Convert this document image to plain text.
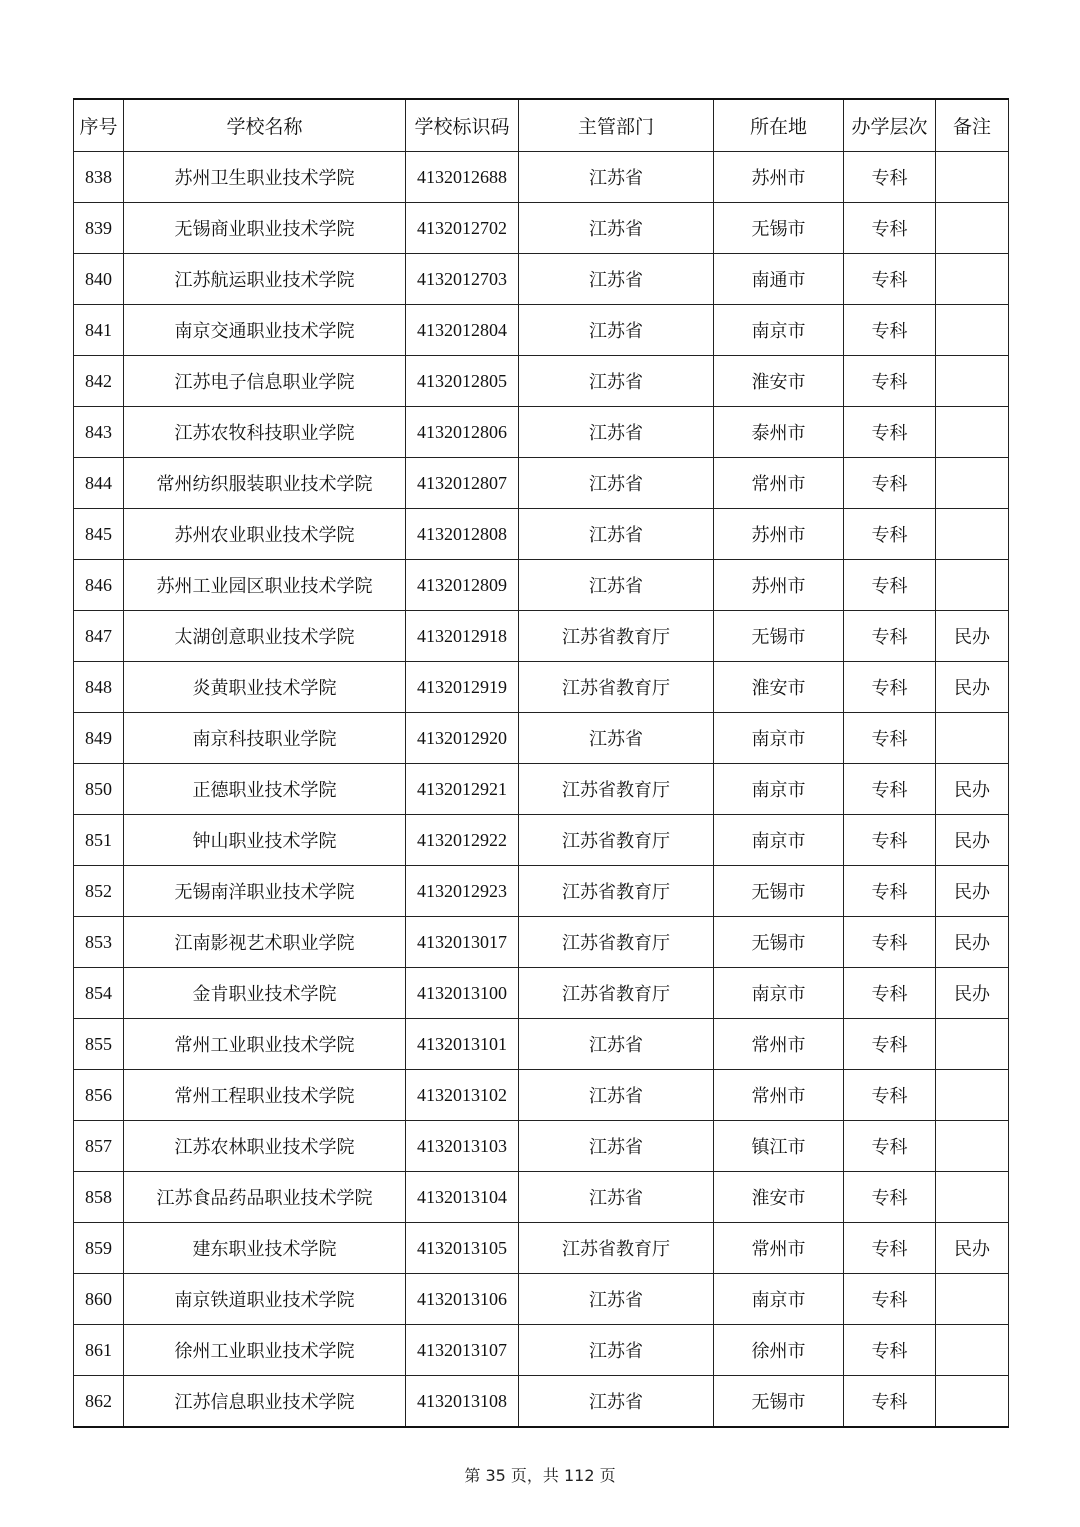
序号	学校名称	学校标识码	主管部门	所在地	办学层次	备注
838	苏州卫生职业技术学院	4132012688	江苏省	苏州市	专科	
839	无锡商业职业技术学院	4132012702	江苏省	无锡市	专科	
840	江苏航运职业技术学院	4132012703	江苏省	南通市	专科	
841	南京交通职业技术学院	4132012804	江苏省	南京市	专科	
842	江苏电子信息职业学院	4132012805	江苏省	淮安市	专科	
843	江苏农牧科技职业学院	4132012806	江苏省	泰州市	专科	
844	常州纺织服装职业技术学院	4132012807	江苏省	常州市	专科	
845	苏州农业职业技术学院	4132012808	江苏省	苏州市	专科	
846	苏州工业园区职业技术学院	4132012809	江苏省	苏州市	专科	
847	太湖创意职业技术学院	4132012918	江苏省教育厅	无锡市	专科	民办
848	炎黄职业技术学院	4132012919	江苏省教育厅	淮安市	专科	民办
849	南京科技职业学院	4132012920	江苏省	南京市	专科	
850	正德职业技术学院	4132012921	江苏省教育厅	南京市	专科	民办
851	钟山职业技术学院	4132012922	江苏省教育厅	南京市	专科	民办
852	无锡南洋职业技术学院	4132012923	江苏省教育厅	无锡市	专科	民办
853	江南影视艺术职业学院	4132013017	江苏省教育厅	无锡市	专科	民办
854	金肯职业技术学院	4132013100	江苏省教育厅	南京市	专科	民办
855	常州工业职业技术学院	4132013101	江苏省	常州市	专科	
856	常州工程职业技术学院	4132013102	江苏省	常州市	专科	
857	江苏农林职业技术学院	4132013103	江苏省	镇江市	专科	
858	江苏食品药品职业技术学院	4132013104	江苏省	淮安市	专科	
859	建东职业技术学院	4132013105	江苏省教育厅	常州市	专科	民办
860	南京铁道职业技术学院	4132013106	江苏省	南京市	专科	
861	徐州工业职业技术学院	4132013107	江苏省	徐州市	专科	
862	江苏信息职业技术学院	4132013108	江苏省	无锡市	专科	
第 35 页，共 112 页
